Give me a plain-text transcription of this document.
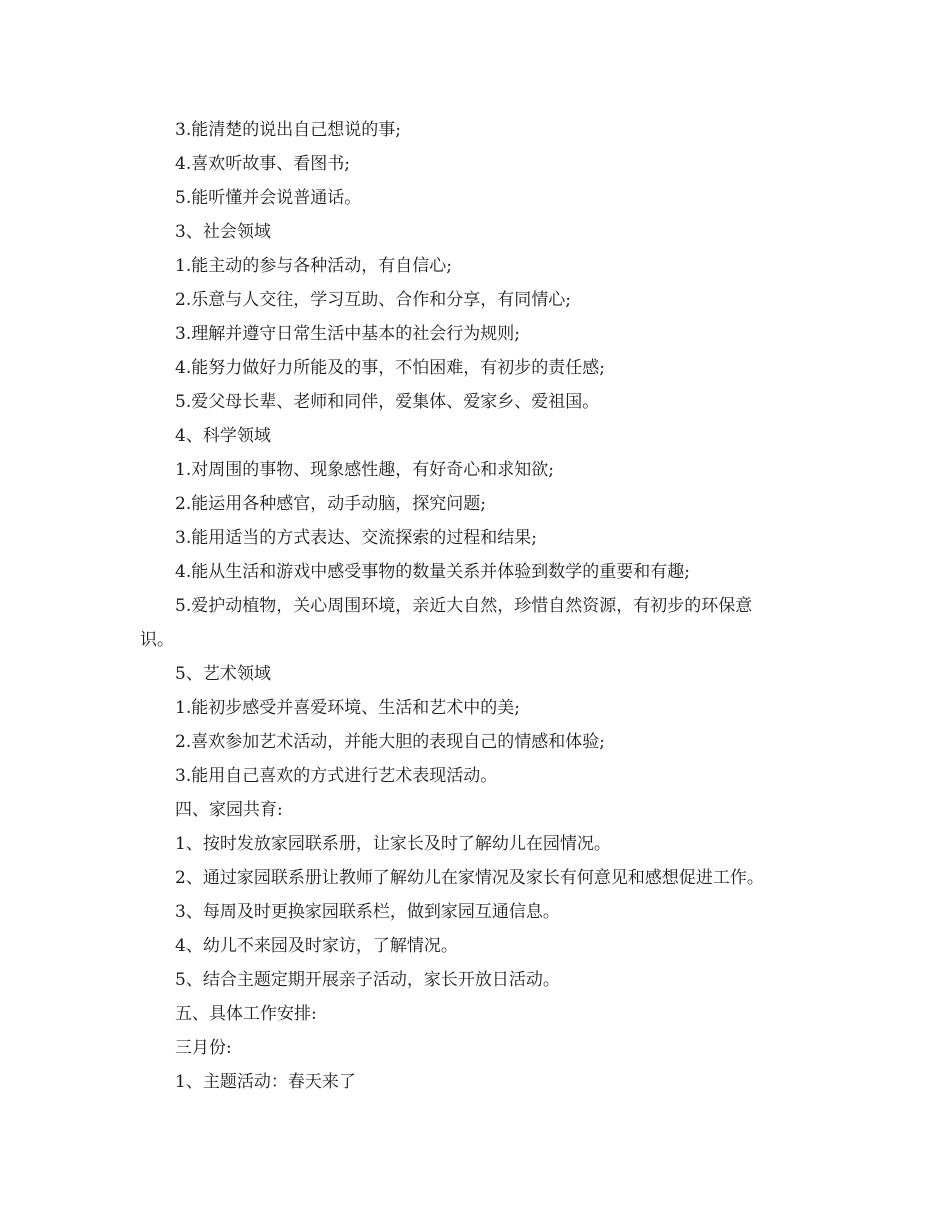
3.能清楚的说出自己想说的事;
4.喜欢听故事、看图书;
5.能听懂并会说普通话。
3、社会领域
1.能主动的参与各种活动，有自信心;
2.乐意与人交往，学习互助、合作和分享，有同情心;
3.理解并遵守日常生活中基本的社会行为规则;
4.能努力做好力所能及的事，不怕困难，有初步的责任感;
5.爱父母长辈、老师和同伴，爱集体、爱家乡、爱祖国。
4、科学领域
1.对周围的事物、现象感性趣，有好奇心和求知欲;
2.能运用各种感官，动手动脑，探究问题;
3.能用适当的方式表达、交流探索的过程和结果;
4.能从生活和游戏中感受事物的数量关系并体验到数学的重要和有趣;
5.爱护动植物，关心周围环境，亲近大自然，珍惜自然资源，有初步的环保意
识。
5、艺术领域
1.能初步感受并喜爱环境、生活和艺术中的美;
2.喜欢参加艺术活动，并能大胆的表现自己的情感和体验;
3.能用自己喜欢的方式进行艺术表现活动。
四、家园共育:
1、按时发放家园联系册，让家长及时了解幼儿在园情况。
2、通过家园联系册让教师了解幼儿在家情况及家长有何意见和感想促进工作。
3、每周及时更换家园联系栏，做到家园互通信息。
4、幼儿不来园及时家访，了解情况。
5、结合主题定期开展亲子活动，家长开放日活动。
五、具体工作安排:
三月份:
1、主题活动：春天来了
